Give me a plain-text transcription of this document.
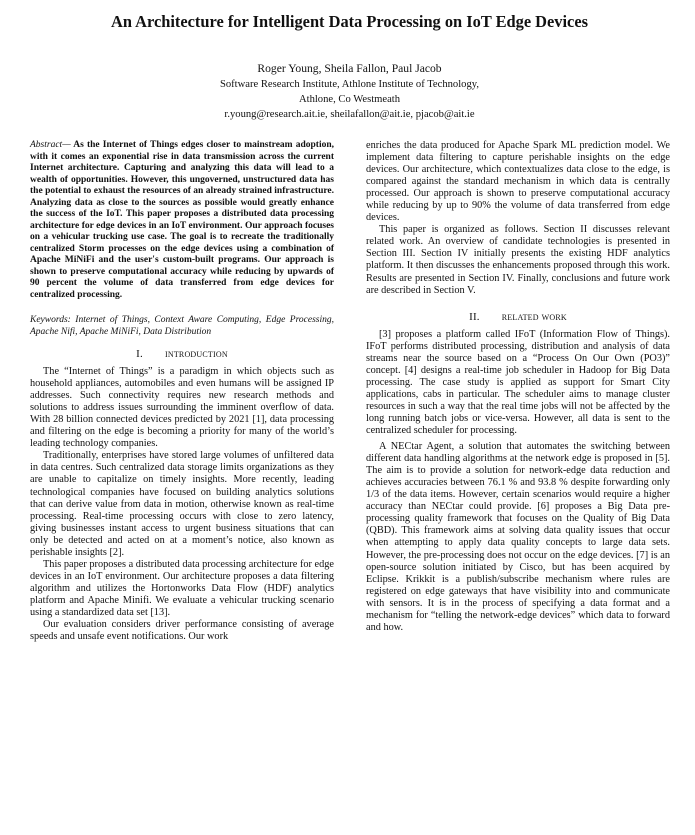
An Architecture for Intelligent Data Processing on IoT Edge Devices
Roger Young, Sheila Fallon, Paul Jacob
Software Research Institute, Athlone Institute of Technology,
Athlone, Co Westmeath
r.young@research.ait.ie, sheilafallon@ait.ie, pjacob@ait.ie
Abstract— As the Internet of Things edges closer to mainstream adoption, with it comes an exponential rise in data transmission across the current Internet architecture. Capturing and analyzing this data will lead to a wealth of opportunities. However, this ungoverned, unstructured data has the potential to exhaust the resources of an already strained infrastructure. Analyzing data as close to the sources as possible would greatly enhance the success of the IoT. This paper proposes a distributed data processing architecture for edge devices in an IoT environment. Our approach focuses on a vehicular trucking use case. The goal is to recreate the traditionally centralized Storm processes on the edge devices using a combination of Apache MiNiFi and the user's custom-built programs. Our approach is shown to preserve computational accuracy while reducing by upwards of 90 percent the volume of data transferred from edge devices for centralized processing.
Keywords: Internet of Things, Context Aware Computing, Edge Processing, Apache Nifi, Apache MiNiFi, Data Distribution
I. introduction

The “Internet of Things” is a paradigm in which objects such as household appliances, automobiles and even humans will be assigned IP addresses. Such connectivity requires new research methods and solutions to address issues surrounding the imminent overflow of data. With 28 billion connected devices predicted by 2021 [1], data processing and filtering on the edge is becoming a priority for many of the world’s leading technology companies.

Traditionally, enterprises have stored large volumes of unfiltered data in data centres. Such centralized data storage limits organizations as they are unable to capitalize on timely insights. More recently, leading technological companies have focused on building analytics solutions that can derive value from data in motion, otherwise known as real-time processing. Real-time processing occurs with close to zero latency, giving businesses instant access to urgent business situations that can only be detected and acted on at a moment’s notice, also known as perishable insights [2].

This paper proposes a distributed data processing architecture for edge devices in an IoT environment. Our architecture proposes a data filtering algorithm and utilizes the Hortonworks Data Flow (HDF) analytics platform and Apache Minifi. We evaluate a vehicular trucking scenario using a standardized data set [13].

Our evaluation considers driver performance consisting of average speeds and unsafe event notifications. Our work

enriches the data produced for Apache Spark ML prediction model. We implement data filtering to capture perishable insights on the edge devices. Our architecture, which contextualizes data close to the edge, is compared against the standard mechanism in which data is centrally processed. Our approach is shown to preserve computational accuracy while reducing by up to 90% the volume of data transferred from edge devices.

This paper is organized as follows. Section II discusses relevant related work. An overview of candidate technologies is presented in Section III. Section IV initially presents the existing HDF analytics platform. It then discusses the enhancements proposed through this work. Results are presented in Section IV. Finally, conclusions and future work are described in Section V.

II. related work

[3] proposes a platform called IFoT (Information Flow of Things). IFoT performs distributed processing, distribution and analysis of data streams near the source based on a “Process On Our Own (PO3)” concept. [4] designs a real-time job scheduler in Hadoop for Big Data processing. The case study is applied as support for Smart City applications, cabs in particular. The scheduler aims to manage cluster resources in such a way that the real time jobs will not be affected by the long running batch jobs or vice-versa. However, all data is sent to the centralized scheduler for processing.

A NECtar Agent, a solution that automates the switching between different data handling algorithms at the network edge is proposed in [5]. The aim is to provide a solution for network-edge data reduction and achieves accuracies between 76.1 % and 93.8 % despite forwarding only 1/3 of the data items. However, certain scenarios would require a higher accuracy than NECtar could provide. [6] proposes a Big Data pre-processing quality framework that focuses on the Quality of Big Data (QBD). This framework aims at solving data quality issues that occur when attempting to apply data quality concepts to large data sets. However, the pre-processing does not occur on the edge devices. [7] is an open-source solution initiated by Cisco, but has been acquired by Eclipse. Krikkit is a publish/subscribe mechanism where rules are registered on edge gateways that have visibility into and communicate with sensors. It is in the process of specifying a data format and a mechanism for “telling the network-edge devices” which data to forward and how.
